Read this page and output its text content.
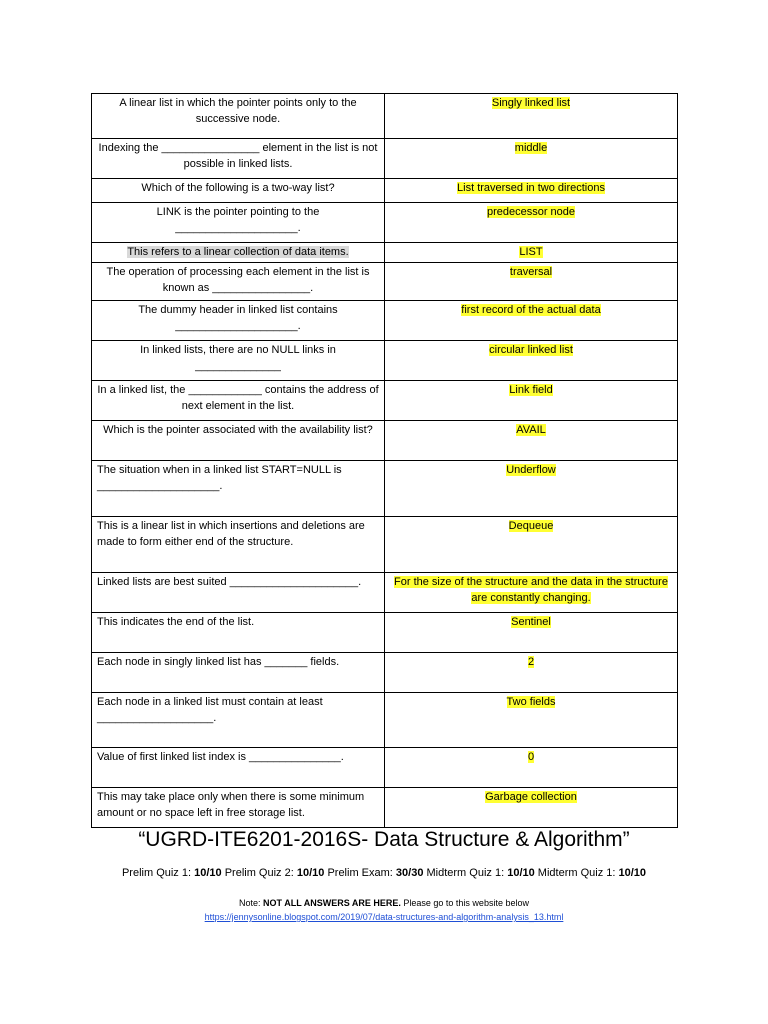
A linear list in which the pointer points only to the successive node.	Singly linked list
Indexing the ________________ element in the list is not possible in linked lists.	middle
Which of the following is a two-way list?	List traversed in two directions
LINK is the pointer pointing to the ____________________.	predecessor node
This refers to a linear collection of data items.	LIST
The operation of processing each element in the list is known as ________________.	traversal
The dummy header in linked list contains ____________________.	first record of the actual data
In linked lists, there are no NULL links in ______________	circular linked list
In a linked list, the ____________ contains the address of next element in the list.	Link field
Which is the pointer associated with the availability list?	AVAIL
The situation when in a linked list START=NULL is ____________________.	Underflow
This is a linear list in which insertions and deletions are made to form either end of the structure.	Dequeue
Linked lists are best suited _____________________.	For the size of the structure and the data in the structure are constantly changing.
This indicates the end of the list.	Sentinel
Each node in singly linked list has _______ fields.	2
Each node in a linked list must contain at least ___________________.	Two fields
Value of first linked list index is _______________.	0
This may take place only when there is some minimum amount or no space left in free storage list.	Garbage collection
“UGRD-ITE6201-2016S- Data Structure & Algorithm”
Prelim Quiz 1: 10/10 Prelim Quiz 2: 10/10 Prelim Exam: 30/30 Midterm Quiz 1: 10/10 Midterm Quiz 1: 10/10
Note: NOT ALL ANSWERS ARE HERE. Please go to this website below
https://jennysonline.blogspot.com/2019/07/data-structures-and-algorithm-analysis_13.html
